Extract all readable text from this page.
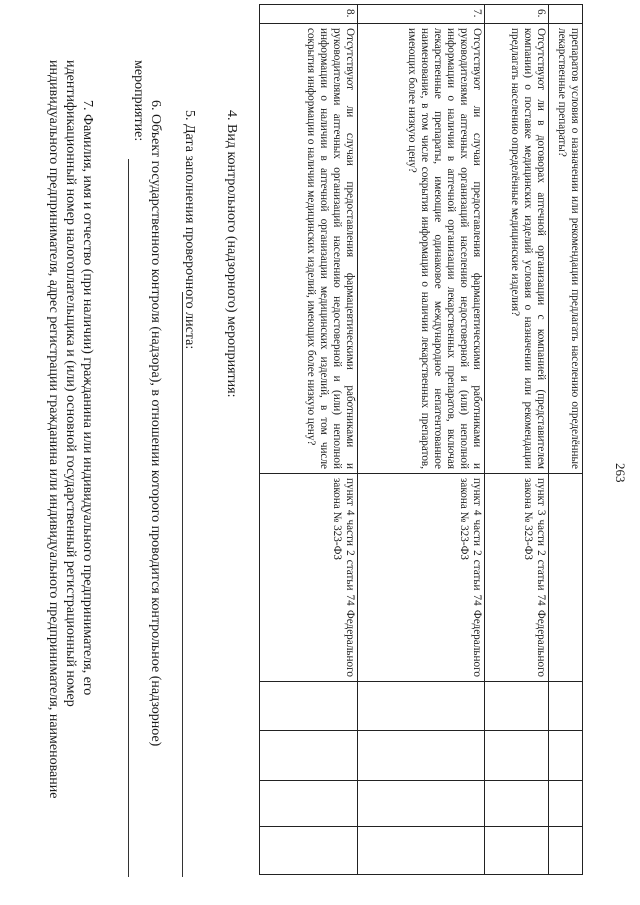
263
	препаратов условия о назначении или рекомендации предлагать населению определённые лекарственные препараты?					
6.	Отсутствуют ли в договорах аптечной организации с компанией (представителем компании) о поставке медицинских изделий условия о назначении или рекомендации предлагать населению определённые медицинские изделия?	пункт 3 части 2 статьи 74 Федерального закона № 323-ФЗ				
7.	Отсутствуют ли случаи предоставления фармацевтическими работниками и руководителями аптечных организаций населению недостоверной и (или) неполной информации о наличии в аптечной организации лекарственных препаратов, включая лекарственные препараты, имеющие одинаковое международное непатентованное наименование, в том числе сокрытия информации о наличии лекарственных препаратов, имеющих более низкую цену?	пункт 4 части 2 статьи 74 Федерального закона № 323-ФЗ				
8.	Отсутствуют ли случаи предоставления фармацевтическими работниками и руководителями аптечных организаций населению недостоверной и (или) неполной информации о наличии в аптечной организации медицинских изделий, в том числе сокрытия информации о наличии медицинских изделий, имеющих более низкую цену?	пункт 4 части 2 статьи 74 Федерального закона № 323-ФЗ				
4. Вид контрольного (надзорного) мероприятия:
5. Дата заполнения проверочного листа:

6. Объект государственного контроля (надзора), в отношении которого проводится контрольное (надзорное)

мероприятие:

7. Фамилия, имя и отчество (при наличии) гражданина или индивидуального предпринимателя, его

идентификационный номер налогоплательщика и (или) основной государственный регистрационный номер

индивидуального предпринимателя, адрес регистрации гражданина или индивидуального предпринимателя, наименование
